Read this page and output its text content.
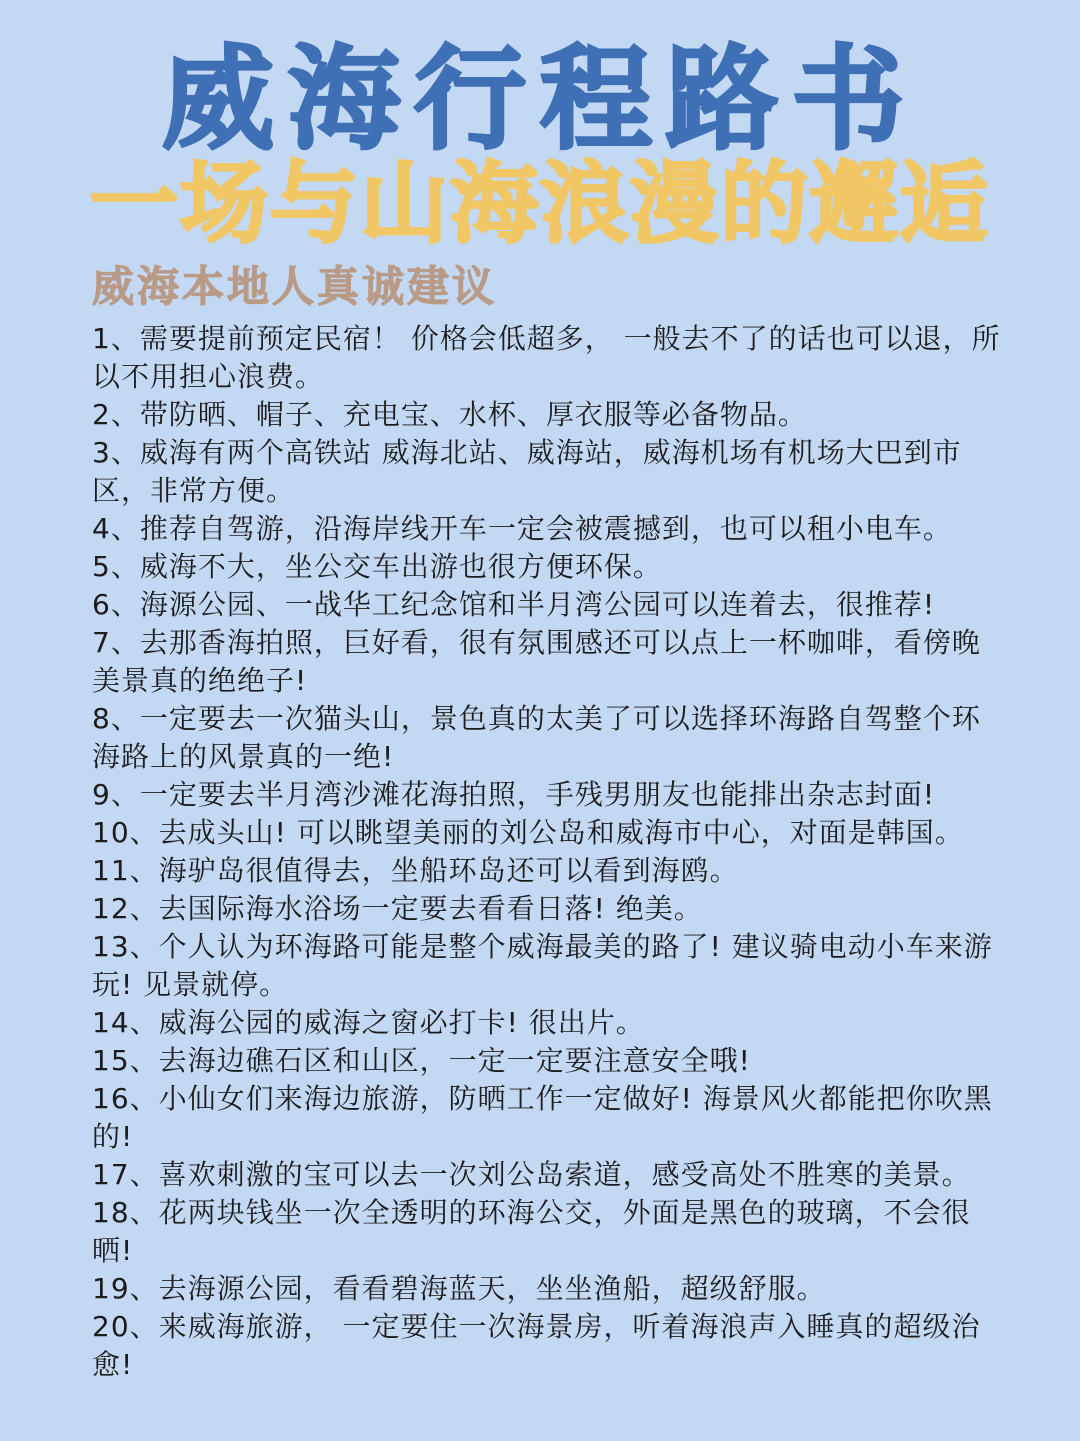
威海行程路书
一场与山海浪漫的邂逅
威海本地人真诚建议
1、需要提前预定民宿！ 价格会低超多， 一般去不了的话也可以退，所以不用担心浪费。
2、带防晒、帽子、充电宝、水杯、厚衣服等必备物品。
3、威海有两个高铁站 威海北站、威海站，威海机场有机场大巴到市区，非常方便。
4、推荐自驾游，沿海岸线开车一定会被震撼到，也可以租小电车。
5、威海不大，坐公交车出游也很方便环保。
6、海源公园、一战华工纪念馆和半月湾公园可以连着去，很推荐!
7、去那香海拍照，巨好看，很有氛围感还可以点上一杯咖啡，看傍晚美景真的绝绝子!
8、一定要去一次猫头山，景色真的太美了可以选择环海路自驾整个环海路上的风景真的一绝!
9、一定要去半月湾沙滩花海拍照，手残男朋友也能排出杂志封面!
10、去成头山! 可以眺望美丽的刘公岛和威海市中心，对面是韩国。
11、海驴岛很值得去，坐船环岛还可以看到海鸥。
12、去国际海水浴场一定要去看看日落! 绝美。
13、个人认为环海路可能是整个威海最美的路了! 建议骑电动小车来游玩! 见景就停。
14、威海公园的威海之窗必打卡! 很出片。
15、去海边礁石区和山区，一定一定要注意安全哦!
16、小仙女们来海边旅游，防晒工作一定做好! 海景风火都能把你吹黑的!
17、喜欢刺激的宝可以去一次刘公岛索道，感受高处不胜寒的美景。
18、花两块钱坐一次全透明的环海公交，外面是黑色的玻璃，不会很晒!
19、去海源公园，看看碧海蓝天，坐坐渔船，超级舒服。
20、来威海旅游， 一定要住一次海景房，听着海浪声入睡真的超级治愈!
